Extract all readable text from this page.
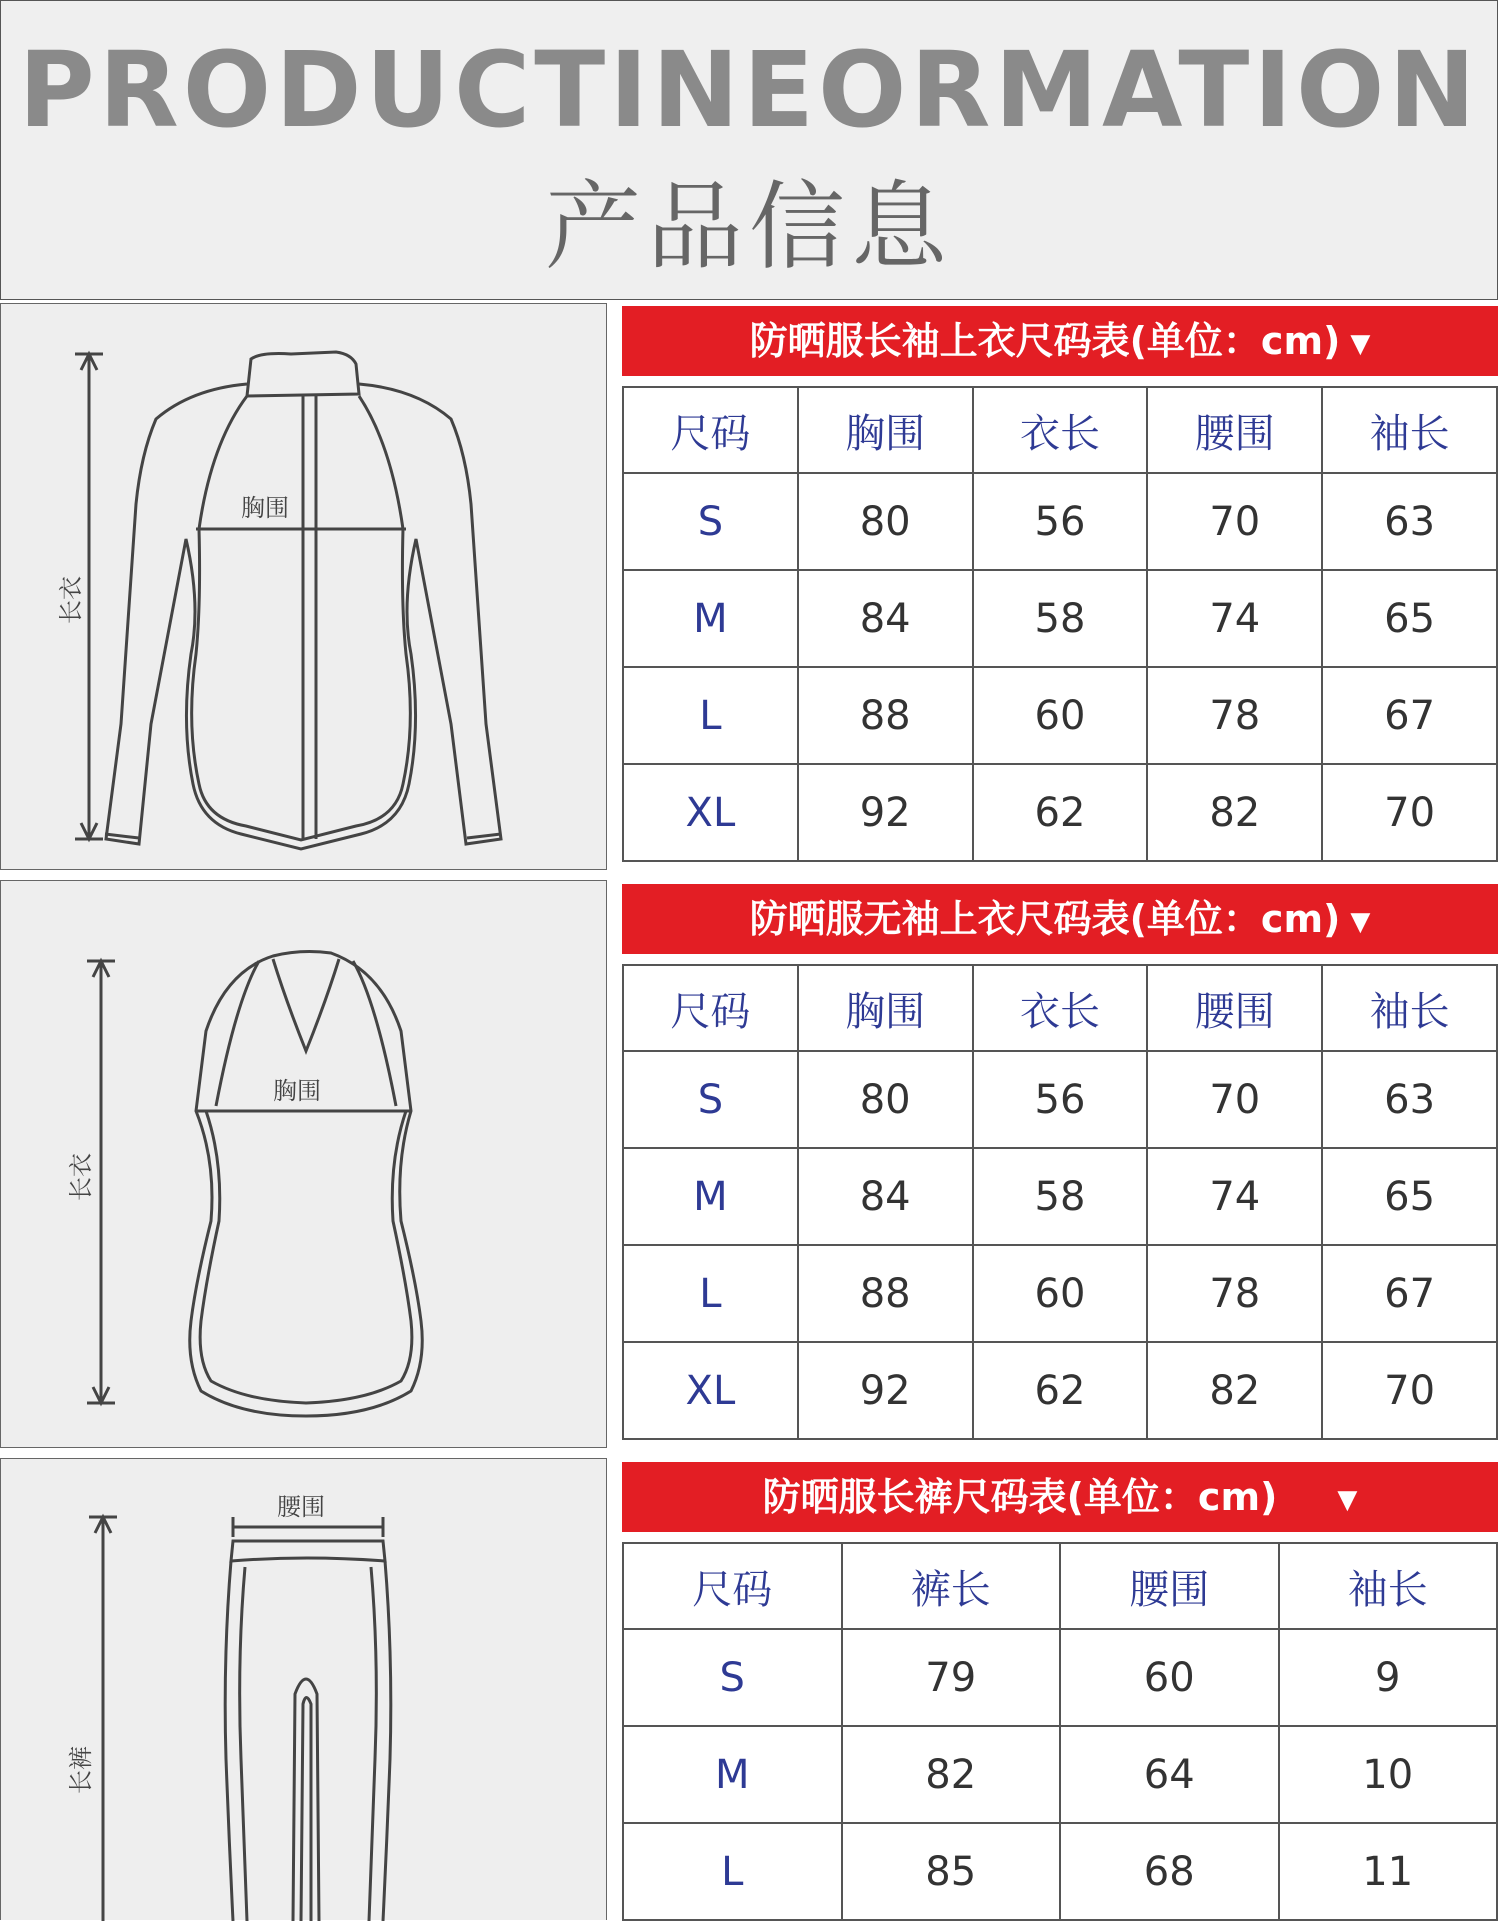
PRODUCTINEORMATION
产品信息
胸围
长衣
胸围
长衣
腰围
长裤
防晒服长袖上衣尺码表(单位：cm) ▼
尺码	胸围	衣长	腰围	袖长
S	80	56	70	63
M	84	58	74	65
L	88	60	78	67
XL	92	62	82	70
防晒服无袖上衣尺码表(单位：cm) ▼
尺码	胸围	衣长	腰围	袖长
S	80	56	70	63
M	84	58	74	65
L	88	60	78	67
XL	92	62	82	70
防晒服长裤尺码表(单位：cm) ▼
尺码	裤长	腰围	袖长
S	79	60	9
M	82	64	10
L	85	68	11
